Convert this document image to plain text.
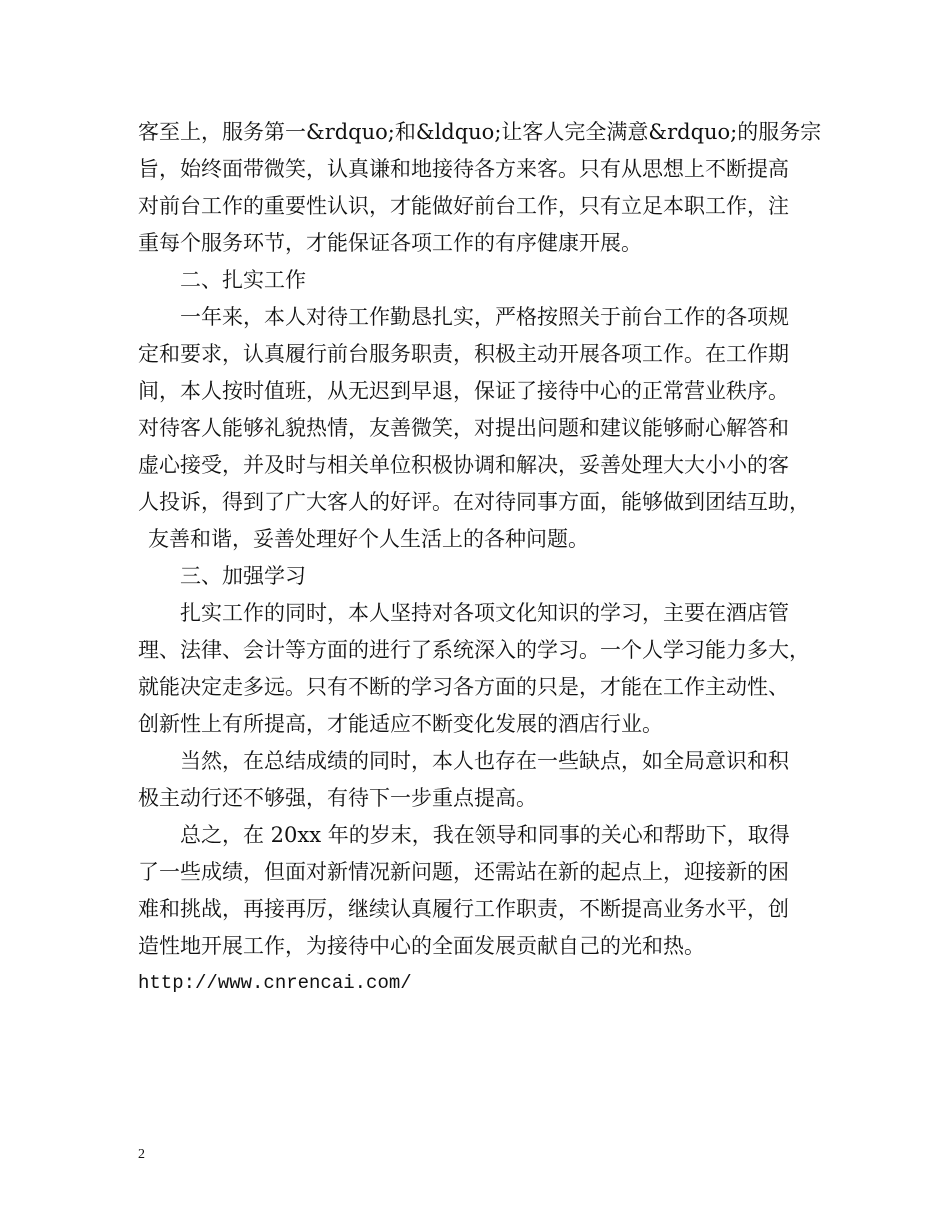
客至上，服务第一&rdquo;和&ldquo;让客人完全满意&rdquo;的服务宗
旨，始终面带微笑，认真谦和地接待各方来客。只有从思想上不断提高
对前台工作的重要性认识，才能做好前台工作，只有立足本职工作，注
重每个服务环节，才能保证各项工作的有序健康开展。
二、扎实工作
一年来，本人对待工作勤恳扎实，严格按照关于前台工作的各项规
定和要求，认真履行前台服务职责，积极主动开展各项工作。在工作期
间，本人按时值班，从无迟到早退，保证了接待中心的正常营业秩序。
对待客人能够礼貌热情，友善微笑，对提出问题和建议能够耐心解答和
虚心接受，并及时与相关单位积极协调和解决，妥善处理大大小小的客
人投诉，得到了广大客人的好评。在对待同事方面，能够做到团结互助，
友善和谐，妥善处理好个人生活上的各种问题。
三、加强学习
扎实工作的同时，本人坚持对各项文化知识的学习，主要在酒店管
理、法律、会计等方面的进行了系统深入的学习。一个人学习能力多大，
就能决定走多远。只有不断的学习各方面的只是，才能在工作主动性、
创新性上有所提高，才能适应不断变化发展的酒店行业。
当然，在总结成绩的同时，本人也存在一些缺点，如全局意识和积
极主动行还不够强，有待下一步重点提高。
总之，在 20xx 年的岁末，我在领导和同事的关心和帮助下，取得
了一些成绩，但面对新情况新问题，还需站在新的起点上，迎接新的困
难和挑战，再接再厉，继续认真履行工作职责，不断提高业务水平，创
造性地开展工作，为接待中心的全面发展贡献自己的光和热。
http://www.cnrencai.com/
2
